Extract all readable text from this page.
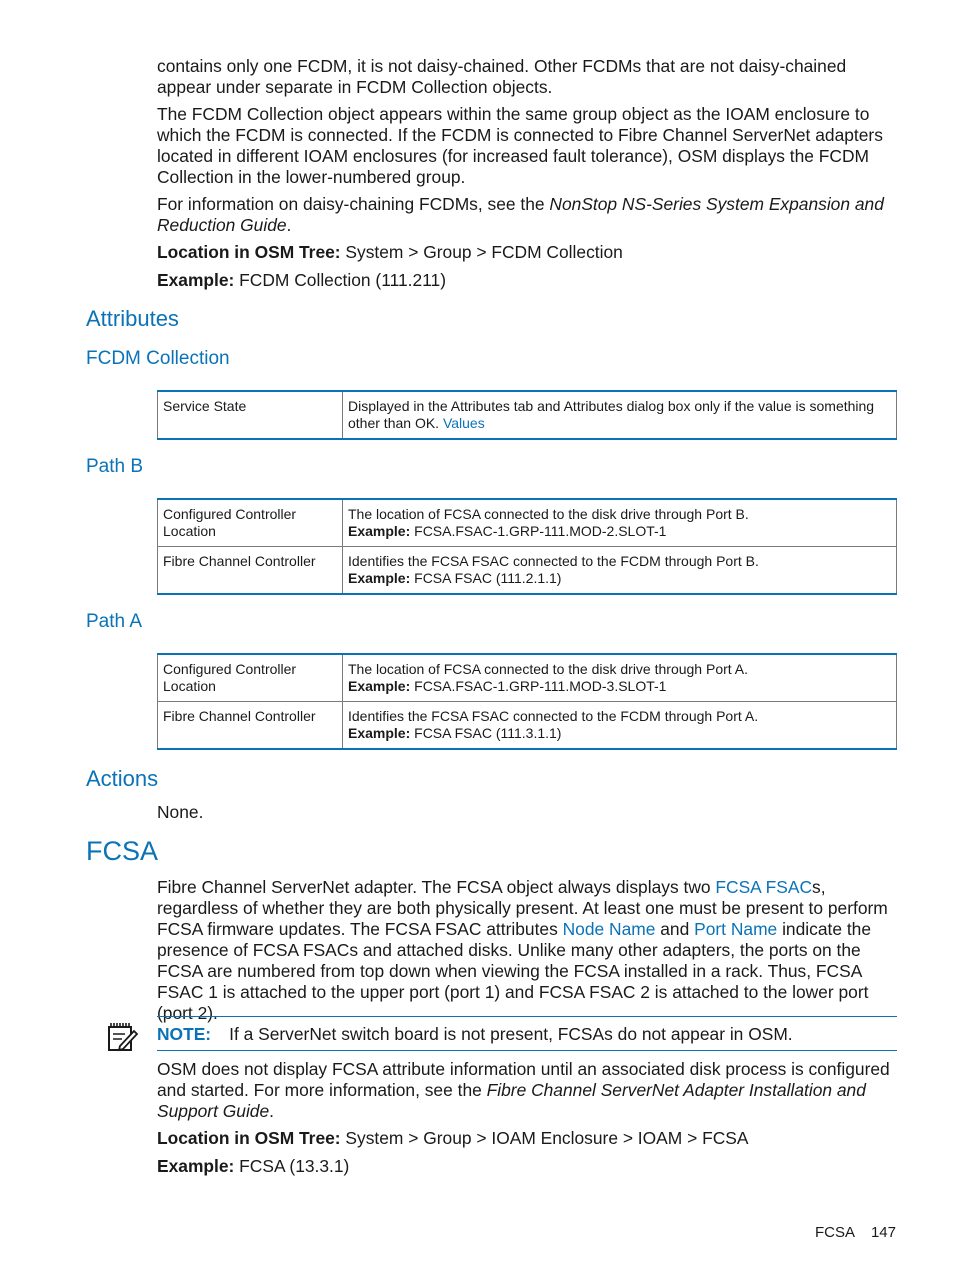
contains only one FCDM, it is not daisy-chained. Other FCDMs that are not daisy-chained appear under separate in FCDM Collection objects.

The FCDM Collection object appears within the same group object as the IOAM enclosure to which the FCDM is connected. If the FCDM is connected to Fibre Channel ServerNet adapters located in different IOAM enclosures (for increased fault tolerance), OSM displays the FCDM Collection in the lower-numbered group.

For information on daisy-chaining FCDMs, see the NonStop NS-Series System Expansion and Reduction Guide.

Location in OSM Tree: System > Group > FCDM Collection

Example: FCDM Collection (111.211)

Attributes
FCDM Collection
Service State	Displayed in the Attributes tab and Attributes dialog box only if the value is something other than OK. Values
Path B
Configured Controller Location	The location of FCSA connected to the disk drive through Port B.
Example: FCSA.FSAC-1.GRP-111.MOD-2.SLOT-1

Fibre Channel Controller	Identifies the FCSA FSAC connected to the FCDM through Port B.
Example: FCSA FSAC (111.2.1.1)
Path A
Configured Controller Location	The location of FCSA connected to the disk drive through Port A.
Example: FCSA.FSAC-1.GRP-111.MOD-3.SLOT-1

Fibre Channel Controller	Identifies the FCSA FSAC connected to the FCDM through Port A.
Example: FCSA FSAC (111.3.1.1)
Actions

None.

FCSA

Fibre Channel ServerNet adapter. The FCSA object always displays two FCSA FSACs, regardless of whether they are both physically present. At least one must be present to perform FCSA firmware updates. The FCSA FSAC attributes Node Name and Port Name indicate the presence of FCSA FSACs and attached disks. Unlike many other adapters, the ports on the FCSA are numbered from top down when viewing the FCSA installed in a rack. Thus, FCSA FSAC 1 is attached to the upper port (port 1) and FCSA FSAC 2 is attached to the lower port (port 2).

NOTE: If a ServerNet switch board is not present, FCSAs do not appear in OSM.

OSM does not display FCSA attribute information until an associated disk process is configured and started. For more information, see the Fibre Channel ServerNet Adapter Installation and Support Guide.

Location in OSM Tree: System > Group > IOAM Enclosure > IOAM > FCSA

Example: FCSA (13.3.1)

FCSA 147
